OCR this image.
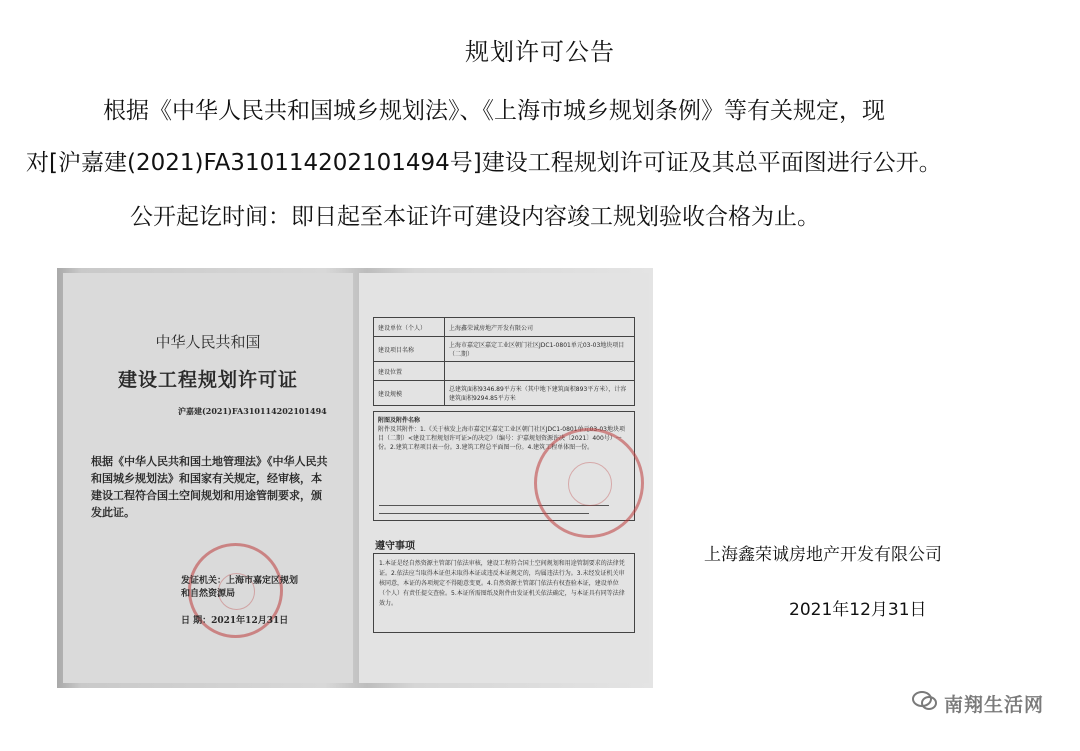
规划许可公告
根据《中华人民共和国城乡规划法》、《上海市城乡规划条例》等有关规定，现
对[沪嘉建(2021)FA310114202101494号]建设工程规划许可证及其总平面图进行公开。
公开起讫时间：即日起至本证许可建设内容竣工规划验收合格为止。
中华人民共和国
建设工程规划许可证
沪嘉建(2021)FA310114202101494
根据《中华人民共和国土地管理法》《中华人民共和国城乡规划法》和国家有关规定，经审核，本建设工程符合国土空间规划和用途管制要求，颁发此证。
发证机关：上海市嘉定区规划和自然资源局
日 期：2021年12月31日
建设单位（个人）	上海鑫荣诚房地产开发有限公司
建设项目名称	上海市嘉定区嘉定工业区朝门社区JDC1-0801单元03-03地块项目（二期）
建设位置	
建设规模	总建筑面积9346.89平方米（其中地下建筑面积893平方米），计容建筑面积9294.85平方米
附图及附件名称
附件及其附件：1.《关于核发上海市嘉定区嘉定工业区朝门社区JDC1-0801单元03-03地块项目（二期）<建设工程规划许可证>的决定》（编号：沪嘉规划资源许决〔2021〕400号）一份。2.建筑工程项目表一份。3.建筑工程总平面图一份。4.建筑工程单体图一份。
遵守事项
1.本证是经自然资源主管部门依法审核，建设工程符合国土空间规划和用途管制要求的法律凭证。2.依法应当取得本证但未取得本证或违反本证规定的，均属违法行为。3.未经发证机关审核同意，本证的各项规定不得随意变更。4.自然资源主管部门依法有权查验本证，建设单位（个人）有责任提交查验。5.本证所需图纸及附件由发证机关依法确定，与本证具有同等法律效力。
上海鑫荣诚房地产开发有限公司
2021年12月31日
南翔生活网
